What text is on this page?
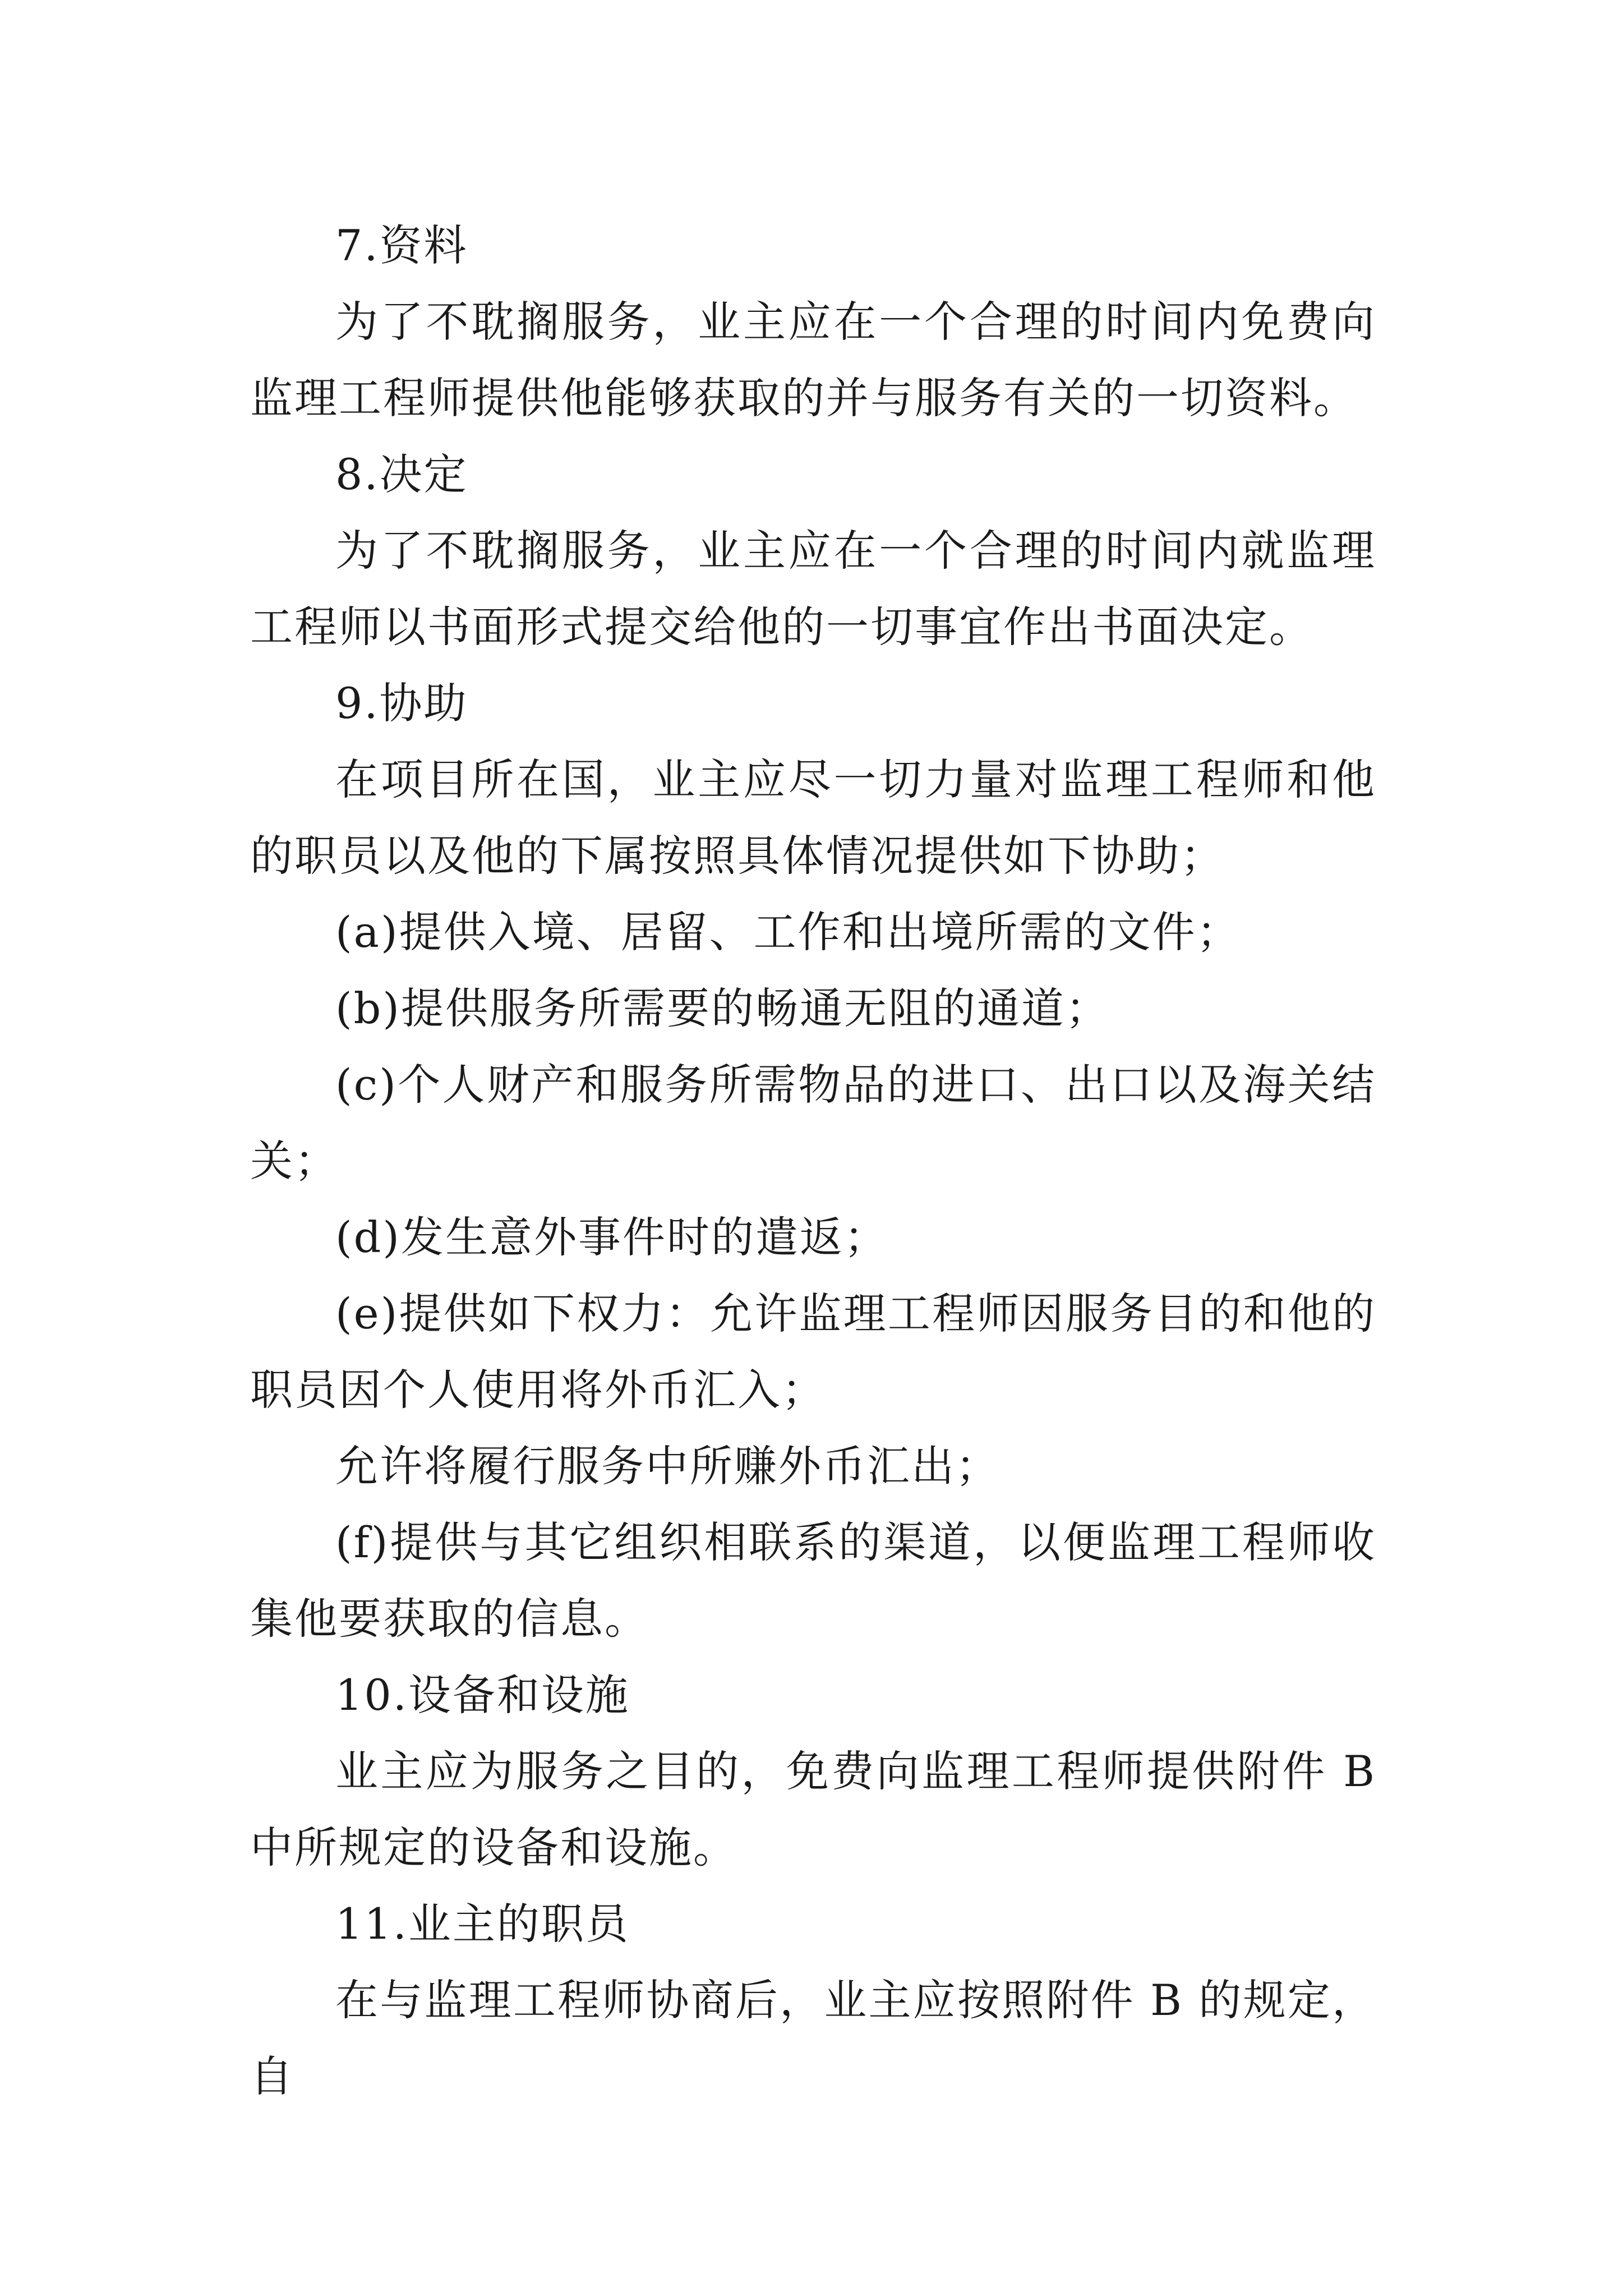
7.资料

为了不耽搁服务，业主应在一个合理的时间内免费向监理工程师提供他能够获取的并与服务有关的一切资料。

8.决定

为了不耽搁服务，业主应在一个合理的时间内就监理工程师以书面形式提交给他的一切事宜作出书面决定。

9.协助

在项目所在国，业主应尽一切力量对监理工程师和他的职员以及他的下属按照具体情况提供如下协助；

(a)提供入境、居留、工作和出境所需的文件；

(b)提供服务所需要的畅通无阻的通道；

(c)个人财产和服务所需物品的进口、出口以及海关结关；

(d)发生意外事件时的遣返；

(e)提供如下权力：允许监理工程师因服务目的和他的职员因个人使用将外币汇入；

允许将履行服务中所赚外币汇出；

(f)提供与其它组织相联系的渠道，以便监理工程师收集他要获取的信息。

10.设备和设施

业主应为服务之目的，免费向监理工程师提供附件 B 中所规定的设备和设施。

11.业主的职员

在与监理工程师协商后，业主应按照附件 B 的规定，自
